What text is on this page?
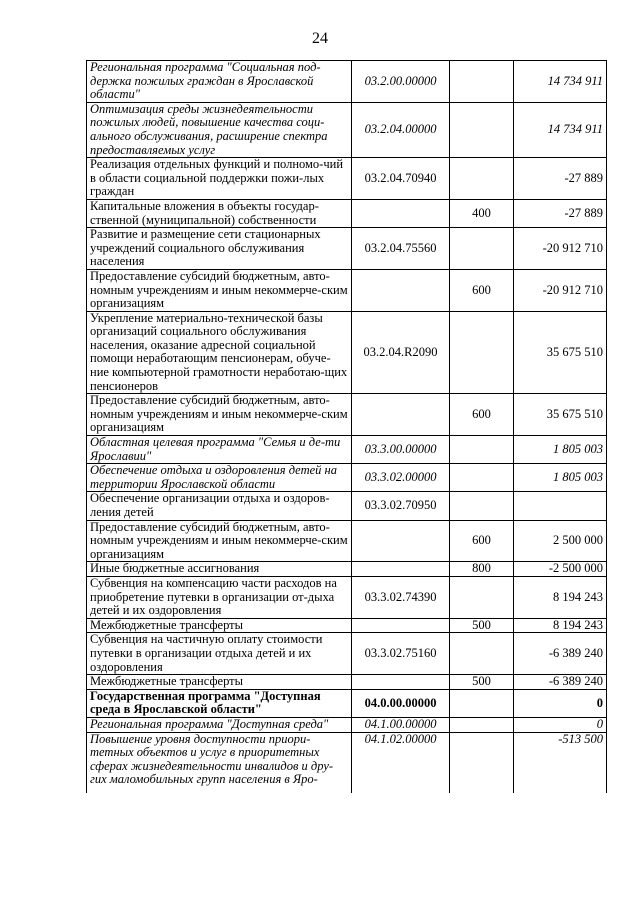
24
Региональная программа "Социальная под-держка пожилых граждан в Ярославской области"	03.2.00.00000		14 734 911
Оптимизация среды жизнедеятельности пожилых людей, повышение качества соци-ального обслуживания, расширение спектра предоставляемых услуг	03.2.04.00000		14 734 911
Реализация отдельных функций и полномо-чий в области социальной поддержки пожи-лых граждан	03.2.04.70940		-27 889
Капитальные вложения в объекты государ-ственной (муниципальной) собственности		400	-27 889
Развитие и размещение сети стационарных учреждений социального обслуживания населения	03.2.04.75560		-20 912 710
Предоставление субсидий бюджетным, авто-номным учреждениям и иным некоммерче-ским организациям		600	-20 912 710
Укрепление материально-технической базы организаций социального обслуживания населения, оказание адресной социальной помощи неработающим пенсионерам, обуче-ние компьютерной грамотности неработаю-щих пенсионеров	03.2.04.R2090		35 675 510
Предоставление субсидий бюджетным, авто-номным учреждениям и иным некоммерче-ским организациям		600	35 675 510
Областная целевая программа "Семья и де-ти Ярославии"	03.3.00.00000		1 805 003
Обеспечение отдыха и оздоровления детей на территории Ярославской области	03.3.02.00000		1 805 003
Обеспечение организации отдыха и оздоров-ления детей	03.3.02.70950		
Предоставление субсидий бюджетным, авто-номным учреждениям и иным некоммерче-ским организациям		600	2 500 000
Иные бюджетные ассигнования		800	-2 500 000
Субвенция на компенсацию части расходов на приобретение путевки в организации от-дыха детей и их оздоровления	03.3.02.74390		8 194 243
Межбюджетные трансферты		500	8 194 243
Субвенция на частичную оплату стоимости путевки в организации отдыха детей и их оздоровления	03.3.02.75160		-6 389 240
Межбюджетные трансферты		500	-6 389 240
Государственная программа "Доступная среда в Ярославской области"	04.0.00.00000		0
Региональная программа "Доступная среда"	04.1.00.00000		0
Повышение уровня доступности приори-тетных объектов и услуг в приоритетных сферах жизнедеятельности инвалидов и дру-гих маломобильных групп населения в Яро-	04.1.02.00000		-513 500
